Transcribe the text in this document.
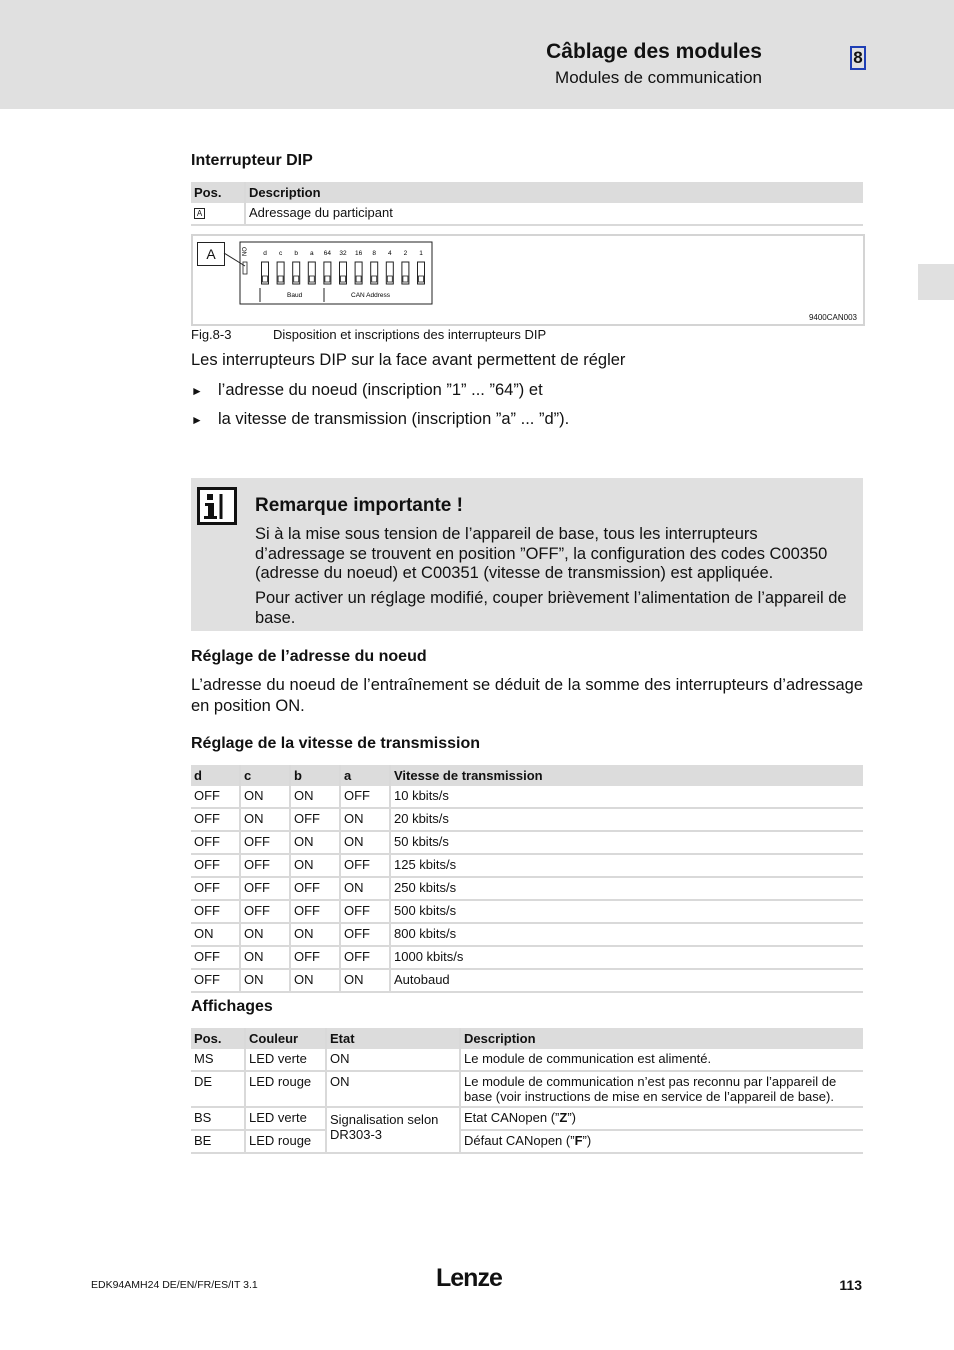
Câblage des modules
Modules de communication
8
Interrupteur DIP
Pos.	Description
A	Adressage du participant
A	ON	d c b a 64 32 16 8 4 2 1
Baud	CAN Address
9400CAN003
Fig.8-3	Disposition et inscriptions des interrupteurs DIP
Les interrupteurs DIP sur la face avant permettent de régler
► l’adresse du noeud (inscription ”1” ... ”64”) et
► la vitesse de transmission (inscription ”a” ... ”d”).
Remarque importante !
Si à la mise sous tension de l’appareil de base, tous les interrupteurs d’adressage se trouvent en position ”OFF”, la configuration des codes C00350 (adresse du noeud) et C00351 (vitesse de transmission) est appliquée.
Pour activer un réglage modifié, couper brièvement l’alimentation de l’appareil de base.
Réglage de l’adresse du noeud
L’adresse du noeud de l’entraînement se déduit de la somme des interrupteurs d’adressage en position ON.
Réglage de la vitesse de transmission
d	c	b	a	Vitesse de transmission
OFF	ON	ON	OFF	10 kbits/s
OFF	ON	OFF	ON	20 kbits/s
OFF	OFF	ON	ON	50 kbits/s
OFF	OFF	ON	OFF	125 kbits/s
OFF	OFF	OFF	ON	250 kbits/s
OFF	OFF	OFF	OFF	500 kbits/s
ON	ON	ON	OFF	800 kbits/s
OFF	ON	OFF	OFF	1000 kbits/s
OFF	ON	ON	ON	Autobaud
Affichages
Pos.	Couleur	Etat	Description
MS	LED verte	ON	Le module de communication est alimenté.
DE	LED rouge	ON	Le module de communication n’est pas reconnu par l’appareil de base (voir instructions de mise en service de l’appareil de base).
BS	LED verte	Signalisation selon DR303-3	Etat CANopen (”Z”)
BE	LED rouge		Défaut CANopen (”F”)
EDK94AMH24 DE/EN/FR/ES/IT 3.1	Lenze	113
